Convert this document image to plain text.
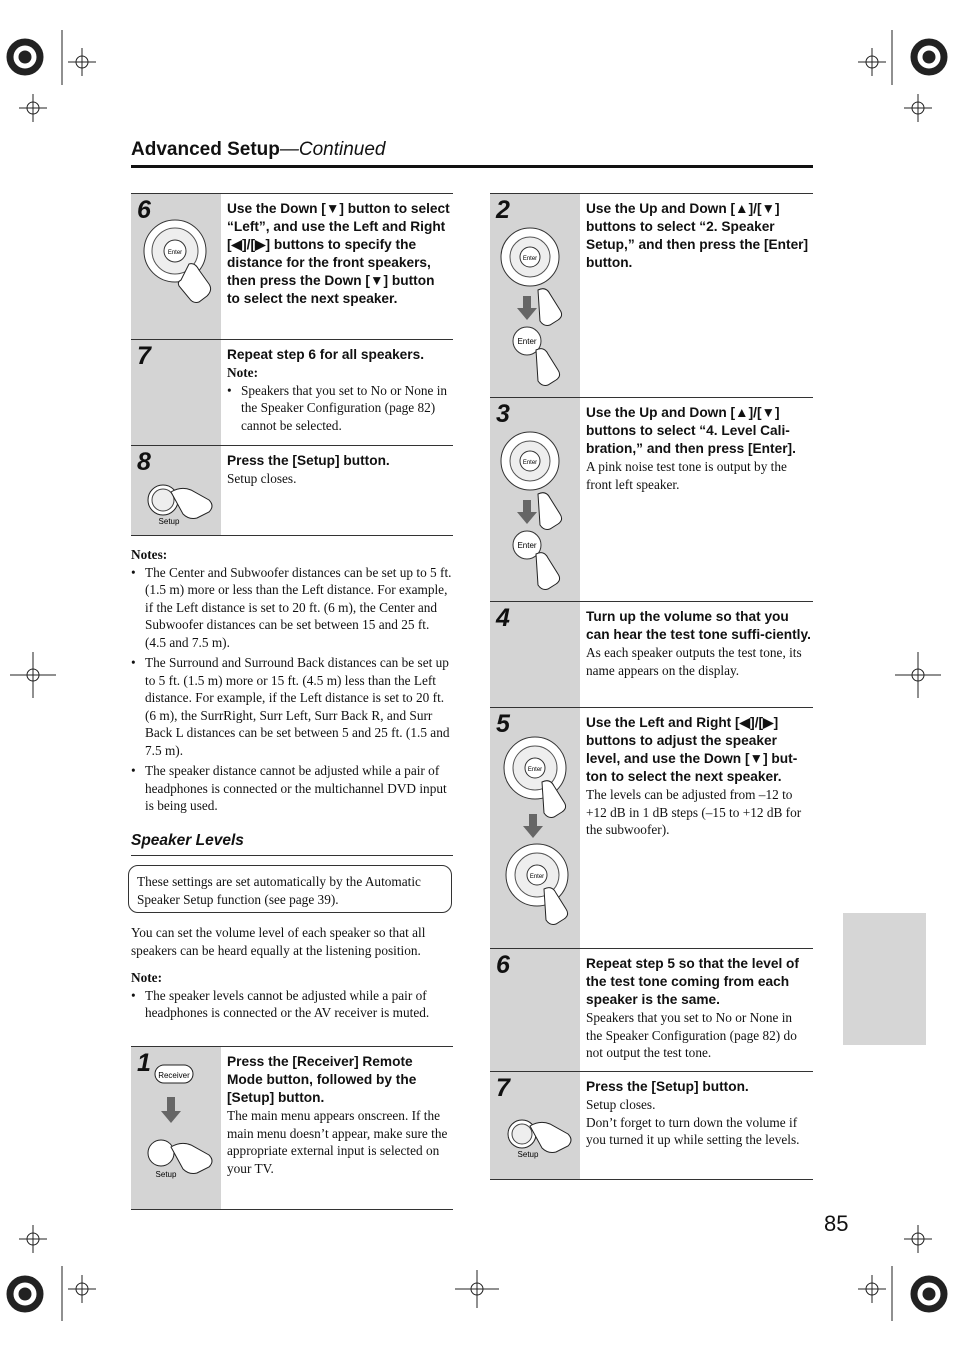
Advanced Setup—Continued
6
Enter
Use the Down [▼] button to select “Left”, and use the Left and Right [◀]/[▶] buttons to specify the distance for the front speakers, then press the Down [▼] button to select the next speaker.
7	Repeat step 6 for all speakers.
Note:
• Speakers that you set to No or None in the Speaker Configuration (page 82) cannot be selected.
8
Setup
Press the [Setup] button.
Setup closes.
Notes:
• The Center and Subwoofer distances can be set up to 5 ft. (1.5 m) more or less than the Left distance. For example, if the Left distance is set to 20 ft. (6 m), the Center and Subwoofer distances can be set between 15 and 25 ft. (4.5 and 7.5 m).
• The Surround and Surround Back distances can be set up to 5 ft. (1.5 m) more or 15 ft. (4.5 m) less than the Left distance. For example, if the Left distance is set to 20 ft. (6 m), the SurrRight, Surr Left, Surr Back R, and Surr Back L distances can be set between 5 and 25 ft. (1.5 and 7.5 m).
• The speaker distance cannot be adjusted while a pair of headphones is connected or the multichannel DVD input is being used.
Speaker Levels
These settings are set automatically by the Automatic Speaker Setup function (see page 39).
You can set the volume level of each speaker so that all speakers can be heard equally at the listening position.
Note:
• The speaker levels cannot be adjusted while a pair of headphones is connected or the AV receiver is muted.
1 Receiver
Setup
Press the [Receiver] Remote Mode button, followed by the [Setup] button.
The main menu appears onscreen. If the main menu doesn’t appear, make sure the appropriate external input is selected on your TV.
2
Enter
Enter
Use the Up and Down [▲]/[▼] buttons to select “2. Speaker Setup,” and then press the [Enter] button.
3
Enter
Enter
Use the Up and Down [▲]/[▼] buttons to select “4. Level Cali-bration,” and then press [Enter].
A pink noise test tone is output by the front left speaker.
4	Turn up the volume so that you can hear the test tone suffi-ciently.
As each speaker outputs the test tone, its name appears on the display.
5
Enter
Enter
Use the Left and Right [◀]/[▶] buttons to adjust the speaker level, and use the Down [▼] but-ton to select the next speaker.
The levels can be adjusted from –12 to +12 dB in 1 dB steps (–15 to +12 dB for the subwoofer).
6	Repeat step 5 so that the level of the test tone coming from each speaker is the same.
Speakers that you set to No or None in the Speaker Configuration (page 82) do not output the test tone.
7
Setup
Press the [Setup] button.
Setup closes.
Don’t forget to turn down the volume if you turned it up while setting the levels.
85
